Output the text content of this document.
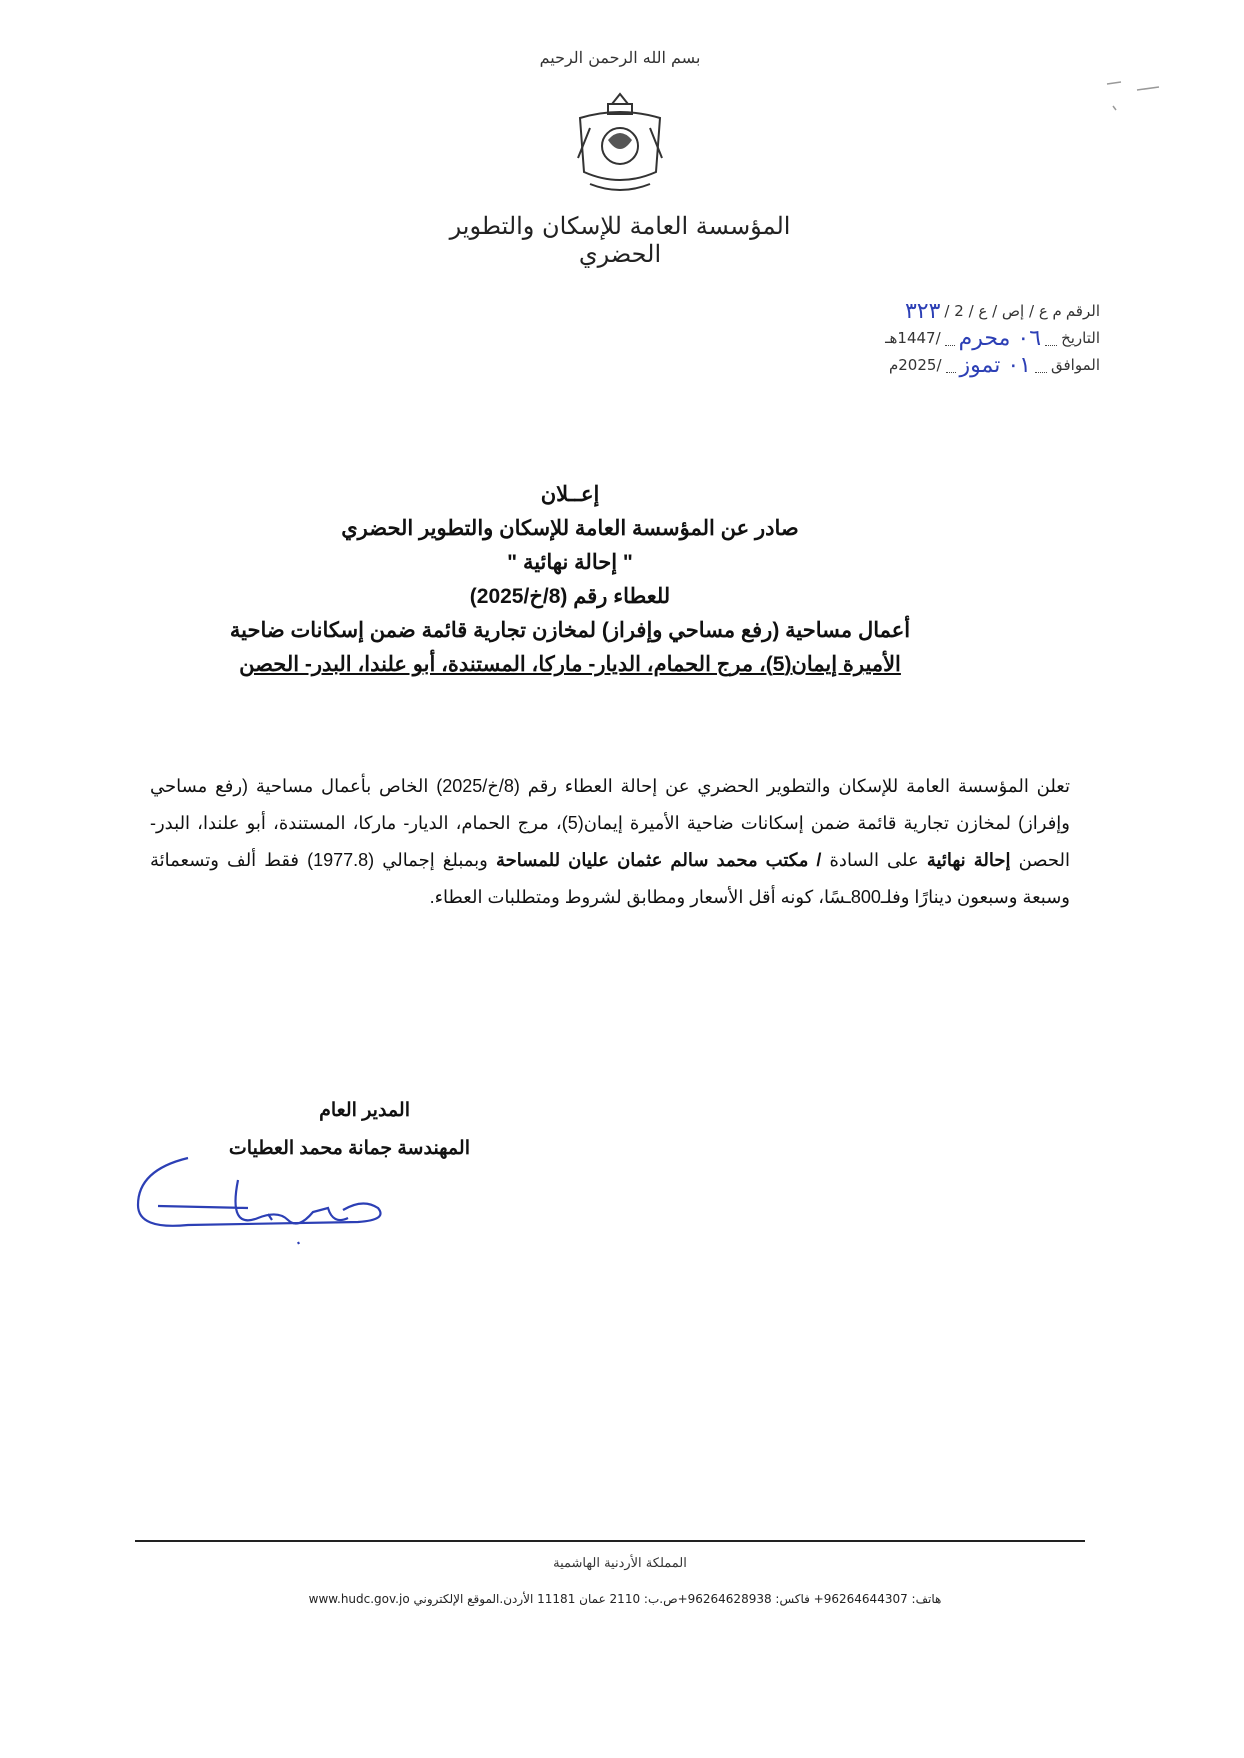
بسم الله الرحمن الرحيم
المؤسسة العامة للإسكان والتطوير الحضري
الرقم
م ع / إص / ع / 2 /
٣٢٣
التاريخ
٠٦ محرم
/1447هـ
الموافق
٠١ تموز
/2025م
إعــلان
صادر عن المؤسسة العامة للإسكان والتطوير الحضري
" إحالة نهائية "
للعطاء رقم (8/خ/2025)
أعمال مساحية (رفع مساحي وإفراز) لمخازن تجارية قائمة ضمن إسكانات ضاحية
الأميرة إيمان(5)، مرج الحمام، الديار- ماركا، المستندة، أبو علندا، البدر- الحصن
تعلن المؤسسة العامة للإسكان والتطوير الحضري عن إحالة العطاء رقم (8/خ/2025) الخاص بأعمال مساحية (رفع مساحي وإفراز) لمخازن تجارية قائمة ضمن إسكانات ضاحية الأميرة إيمان(5)، مرج الحمام، الديار- ماركا، المستندة، أبو علندا، البدر- الحصن إحالة نهائية على السادة / مكتب محمد سالم عثمان عليان للمساحة وبمبلغ إجمالي (1977.8) فقط ألف وتسعمائة وسبعة وسبعون دينارًا وفلـ800ـسًا، كونه أقل الأسعار ومطابق لشروط ومتطلبات العطاء.
المدير العام
المهندسة جمانة محمد العطيات
المملكة الأردنية الهاشمية
هاتف: 96264644307+ فاكس: 96264628938+ص.ب: 2110 عمان 11181 الأردن.الموقع الإلكتروني www.hudc.gov.jo
